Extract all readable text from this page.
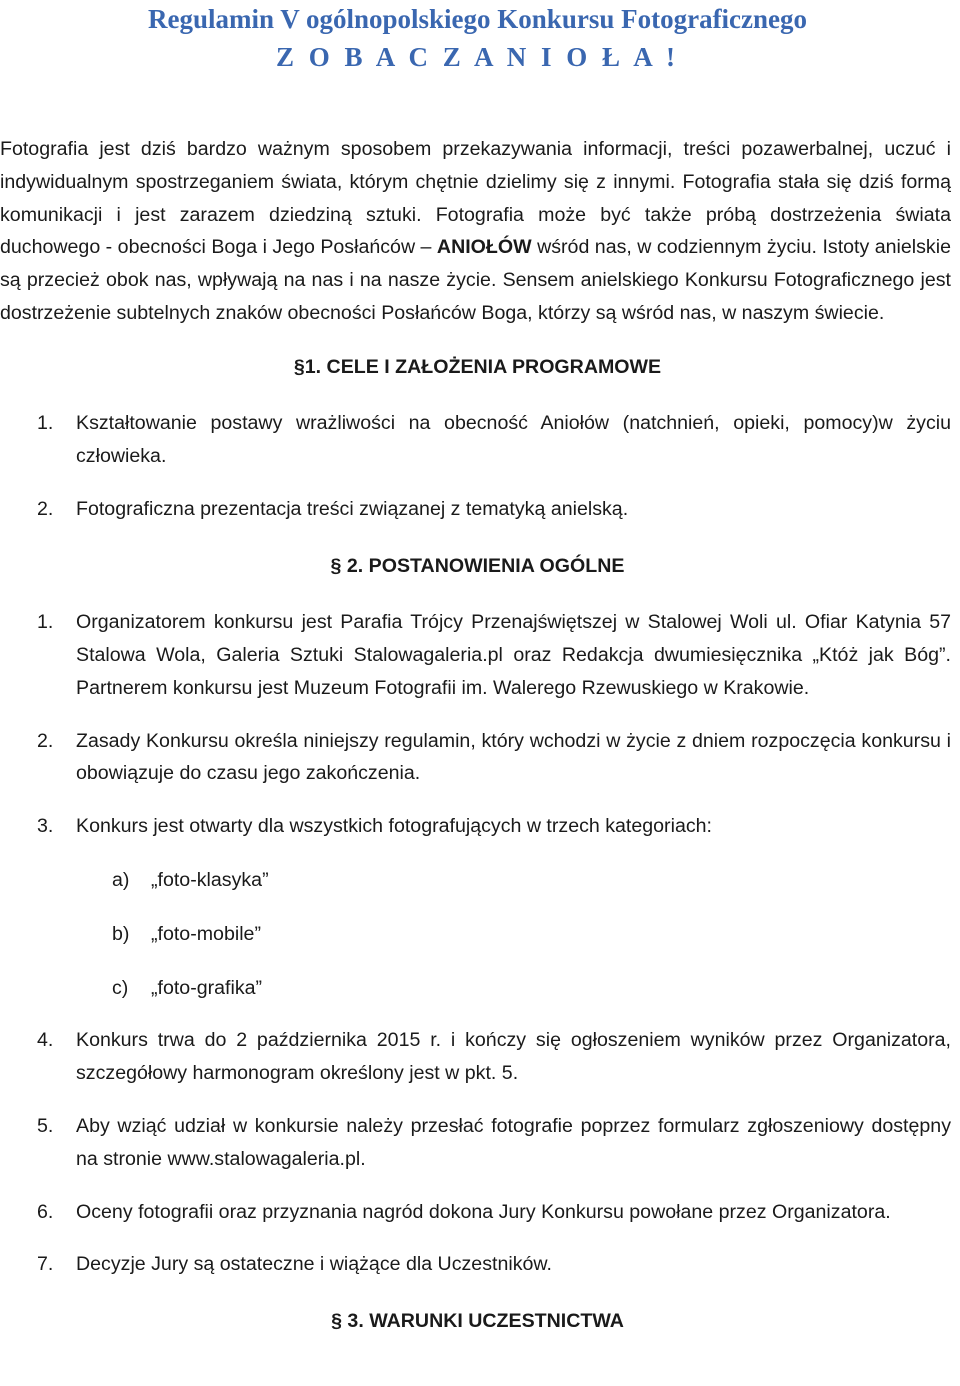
Regulamin V ogólnopolskiego Konkursu Fotograficznego
Z O B A C Z A N I O Ł A !

Fotografia jest dziś bardzo ważnym sposobem przekazywania informacji, treści pozawerbalnej, uczuć i indywidualnym spostrzeganiem świata, którym chętnie dzielimy się z innymi. Fotografia stała się dziś formą komunikacji i jest zarazem dziedziną sztuki. Fotografia może być także próbą dostrzeżenia świata duchowego - obecności Boga i Jego Posłańców – ANIOŁÓW wśród nas, w codziennym życiu. Istoty anielskie są przecież obok nas, wpływają na nas i na nasze życie. Sensem anielskiego Konkursu Fotograficznego jest dostrzeżenie subtelnych znaków obecności Posłańców Boga, którzy są wśród nas, w naszym świecie.

§1. CELE I ZAŁOŻENIA PROGRAMOWE
1. Kształtowanie postawy wrażliwości na obecność Aniołów (natchnień, opieki, pomocy)w życiu człowieka.
2. Fotograficzna prezentacja treści związanej z tematyką anielską.
§ 2. POSTANOWIENIA OGÓLNE
1. Organizatorem konkursu jest Parafia Trójcy Przenajświętszej w Stalowej Woli ul. Ofiar Katynia 57 Stalowa Wola, Galeria Sztuki Stalowagaleria.pl oraz Redakcja dwumiesięcznika „Któż jak Bóg”. Partnerem konkursu jest Muzeum Fotografii im. Walerego Rzewuskiego w Krakowie.
2. Zasady Konkursu określa niniejszy regulamin, który wchodzi w życie z dniem rozpoczęcia konkursu i obowiązuje do czasu jego zakończenia.
3. Konkurs jest otwarty dla wszystkich fotografujących w trzech kategoriach:
a) „foto-klasyka”
b) „foto-mobile”
c) „foto-grafika”
4. Konkurs trwa do 2 października 2015 r. i kończy się ogłoszeniem wyników przez Organizatora, szczegółowy harmonogram określony jest w pkt. 5.
5. Aby wziąć udział w konkursie należy przesłać fotografie poprzez formularz zgłoszeniowy dostępny na stronie www.stalowagaleria.pl.
6. Oceny fotografii oraz przyznania nagród dokona Jury Konkursu powołane przez Organizatora.
7. Decyzje Jury są ostateczne i wiążące dla Uczestników.
§ 3. WARUNKI UCZESTNICTWA
